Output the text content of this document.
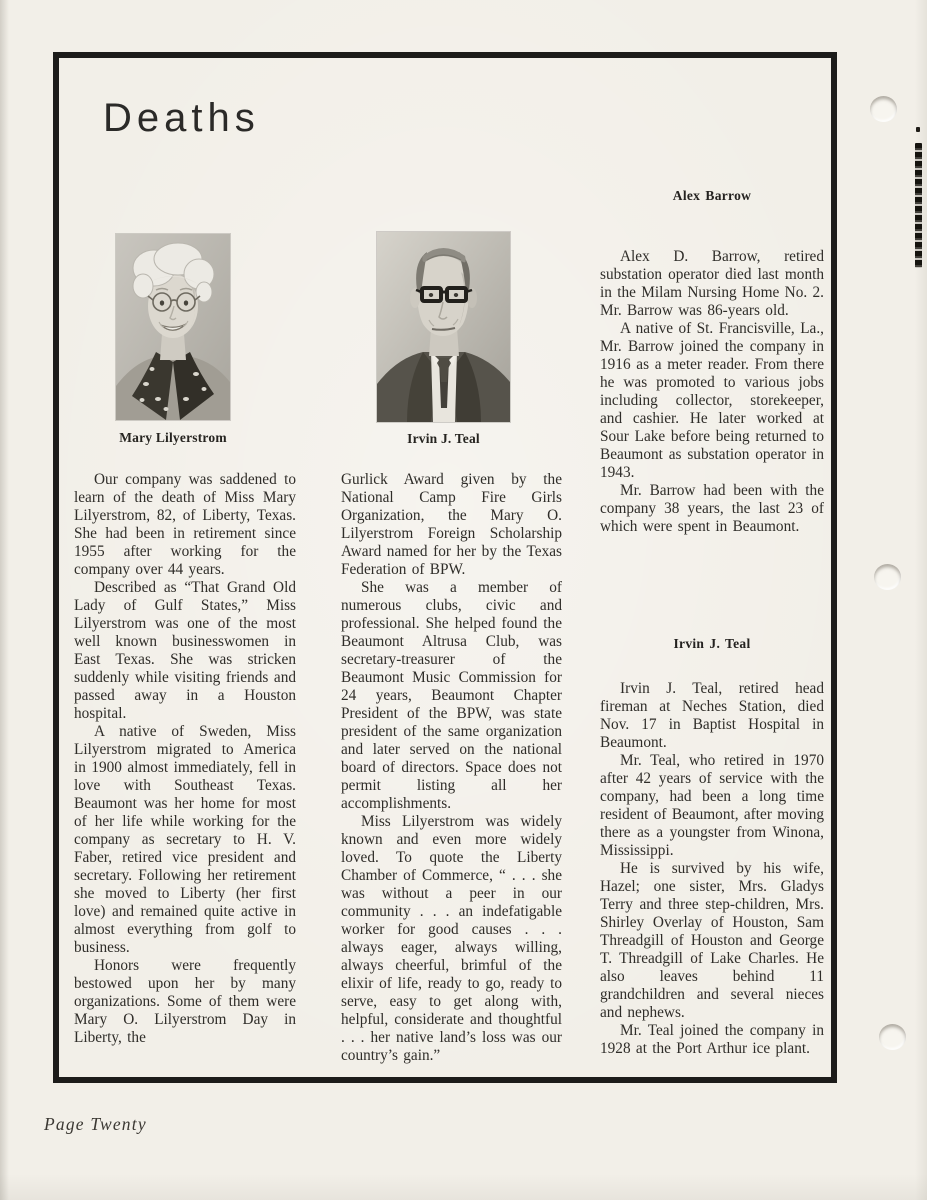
Deaths
Mary Lilyerstrom	Irvin J. Teal

Our company was saddened to learn of the death of Miss Mary Lilyerstrom, 82, of Liberty, Texas. She had been in retirement since 1955 after working for the company over 44 years.

Described as “That Grand Old Lady of Gulf States,” Miss Lilyerstrom was one of the most well known businesswomen in East Texas. She was stricken suddenly while visiting friends and passed away in a Houston hospital.

A native of Sweden, Miss Lilyerstrom migrated to America in 1900 almost immediately, fell in love with Southeast Texas. Beaumont was her home for most of her life while working for the company as secretary to H. V. Faber, retired vice president and secretary. Following her retirement she moved to Liberty (her first love) and remained quite active in almost everything from golf to business.

Honors were frequently bestowed upon her by many organizations. Some of them were Mary O. Lilyerstrom Day in Liberty, the

Gurlick Award given by the National Camp Fire Girls Organization, the Mary O. Lilyerstrom Foreign Scholarship Award named for her by the Texas Federation of BPW.

She was a member of numerous clubs, civic and professional. She helped found the Beaumont Altrusa Club, was secretary-treasurer of the Beaumont Music Commission for 24 years, Beaumont Chapter President of the BPW, was state president of the same organization and later served on the national board of directors. Space does not permit listing all her accomplishments.

Miss Lilyerstrom was widely known and even more widely loved. To quote the Liberty Chamber of Commerce, “ . . . she was without a peer in our community . . . an indefatigable worker for good causes . . . always eager, always willing, always cheerful, brimful of the elixir of life, ready to go, ready to serve, easy to get along with, helpful, considerate and thoughtful . . . her native land’s loss was our country’s gain.”

Alex Barrow

Alex D. Barrow, retired substation operator died last month in the Milam Nursing Home No. 2. Mr. Barrow was 86-years old.

A native of St. Francisville, La., Mr. Barrow joined the company in 1916 as a meter reader. From there he was promoted to various jobs including collector, storekeeper, and cashier. He later worked at Sour Lake before being returned to Beaumont as substation operator in 1943.

Mr. Barrow had been with the company 38 years, the last 23 of which were spent in Beaumont.

Irvin J. Teal

Irvin J. Teal, retired head fireman at Neches Station, died Nov. 17 in Baptist Hospital in Beaumont.

Mr. Teal, who retired in 1970 after 42 years of service with the company, had been a long time resident of Beaumont, after moving there as a youngster from Winona, Mississippi.

He is survived by his wife, Hazel; one sister, Mrs. Gladys Terry and three step-children, Mrs. Shirley Overlay of Houston, Sam Threadgill of Houston and George T. Threadgill of Lake Charles. He also leaves behind 11 grandchildren and several nieces and nephews.

Mr. Teal joined the company in 1928 at the Port Arthur ice plant.

Page Twenty
